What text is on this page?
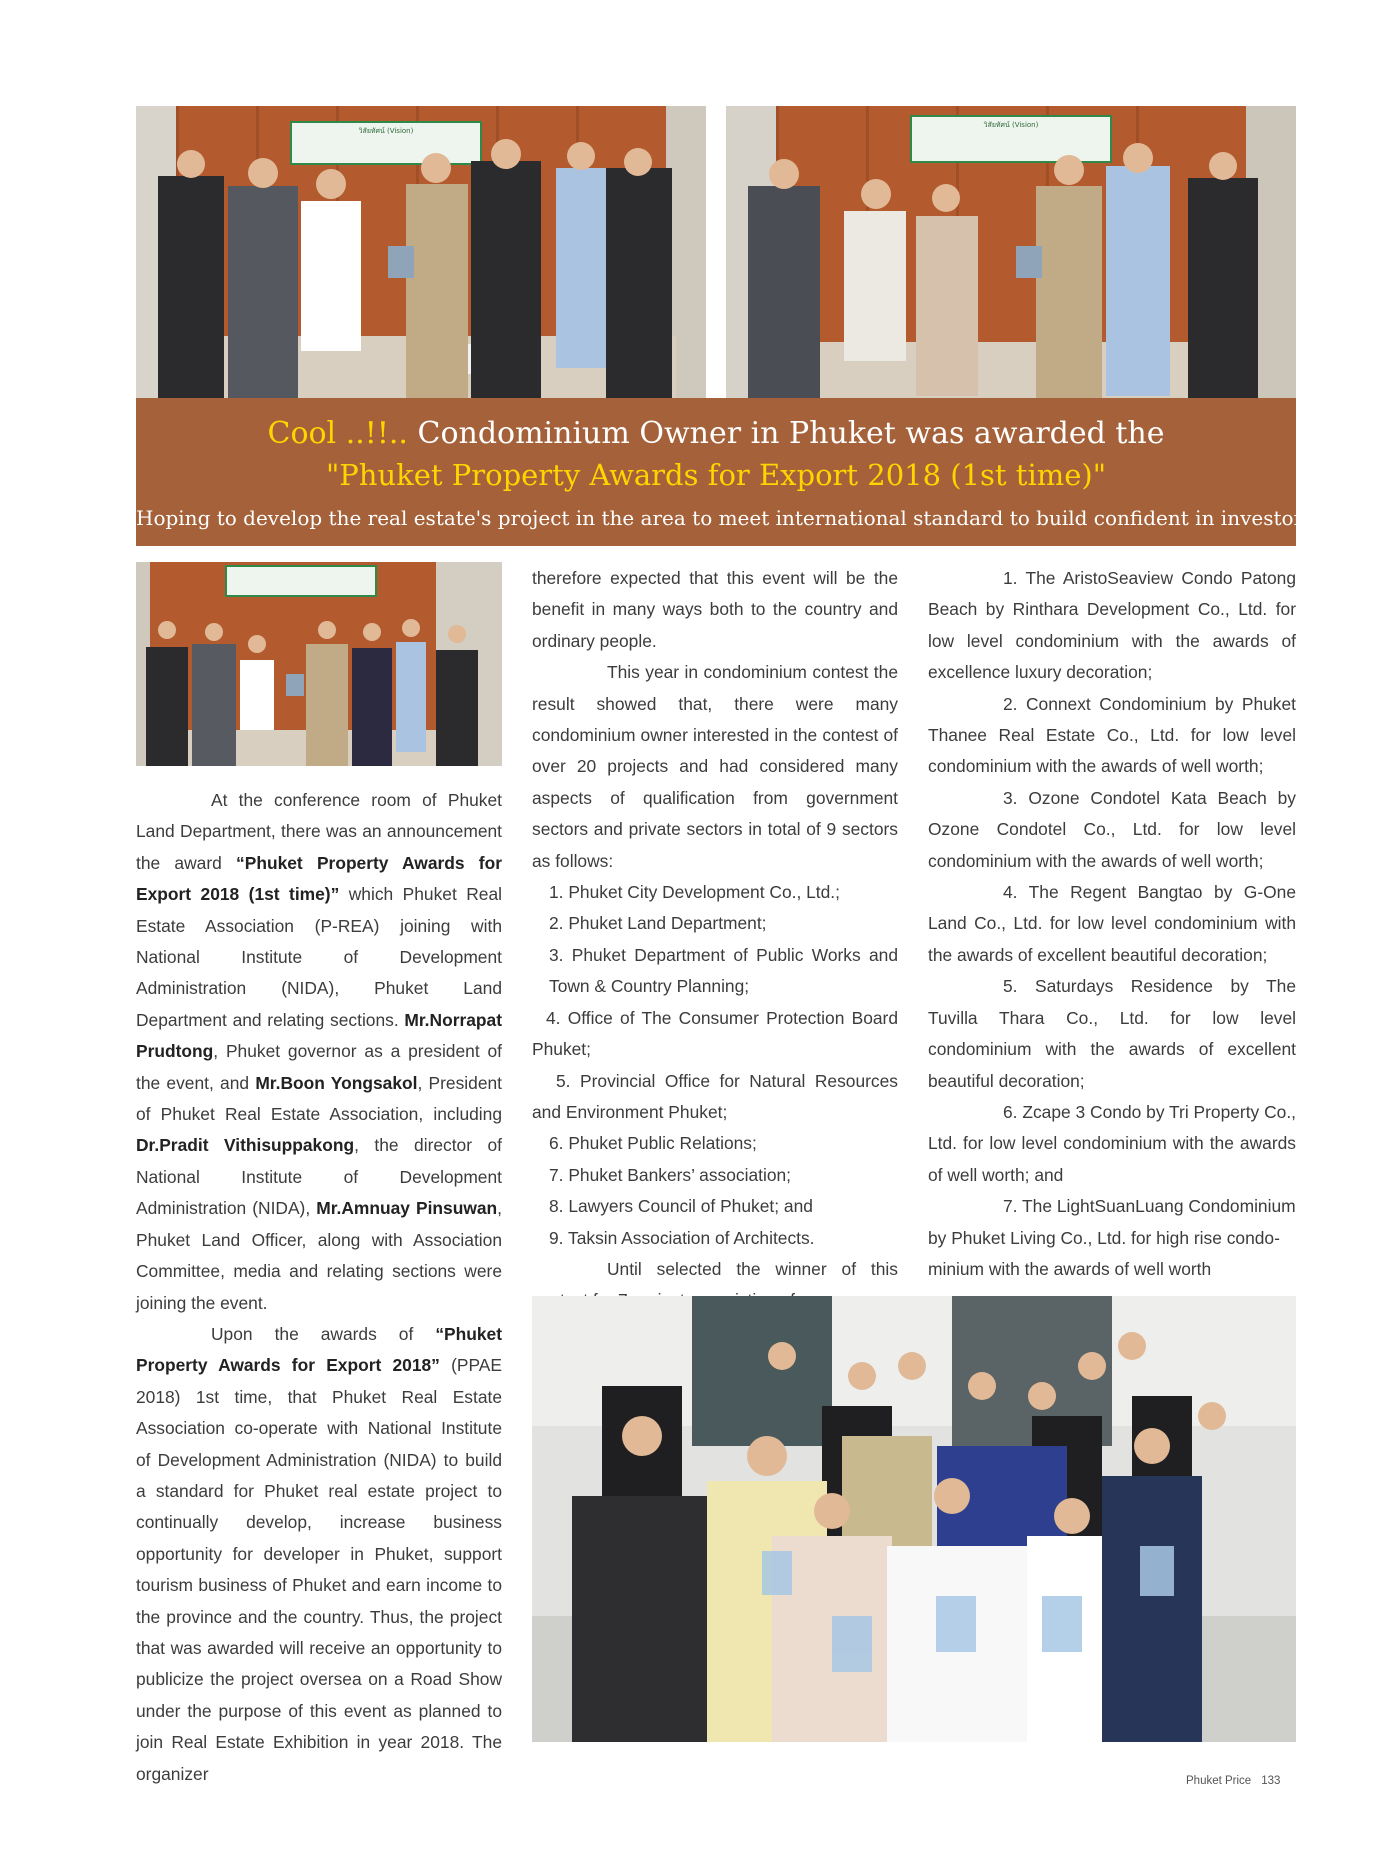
วิสัยทัศน์ (Vision)
วิสัยทัศน์ (Vision)
Cool ..!!.. Condominium Owner in Phuket was awarded the
"Phuket Property Awards for Export 2018 (1st time)"
Hoping to develop the real estate's project in the area to meet international standard to build confident in investors

At the conference room of Phuket Land Department, there was an announcement the award “Phuket Property Awards for Export 2018 (1st time)” which Phuket Real Estate Association (P-REA) joining with National Institute of Development Administration (NIDA), Phuket Land Department and relating sections. Mr.Norrapat Prudtong, Phuket governor as a president of the event, and Mr.Boon Yongsakol, President of Phuket Real Estate Association, including Dr.Pradit Vithisuppakong, the director of National Institute of Development Administration (NIDA), Mr.Amnuay Pinsuwan, Phuket Land Officer, along with Association Committee, media and relating sections were joining the event.

Upon the awards of “Phuket Property Awards for Export 2018” (PPAE 2018) 1st time, that Phuket Real Estate Association co-operate with National Institute of Development Administration (NIDA) to build a standard for Phuket real estate project to continually develop, increase business opportunity for developer in Phuket, support tourism business of Phuket and earn income to the province and the country. Thus, the project that was awarded will receive an opportunity to publicize the project oversea on a Road Show under the purpose of this event as planned to join Real Estate Exhibition in year 2018. The organizer

therefore expected that this event will be the benefit in many ways both to the country and ordinary people.

This year in condominium contest the result showed that, there were many condominium owner interested in the contest of over 20 projects and had considered many aspects of qualification from government sectors and private sectors in total of 9 sectors as follows:

1. Phuket City Development Co., Ltd.;

2. Phuket Land Department;

3. Phuket Department of Public Works and Town & Country Planning;

4. Office of The Consumer Protection Board Phuket;

5. Provincial Office for Natural Resources and Environment Phuket;

6. Phuket Public Relations;

7. Phuket Bankers’ association;

8. Lawyers Council of Phuket; and

9. Taksin Association of Architects.

Until selected the winner of this

1. The AristoSeaview Condo Patong Beach by Rinthara Development Co., Ltd. for low level condominium with the awards of excellence luxury decoration;

2. Connext Condominium by Phuket Thanee Real Estate Co., Ltd. for low level condominium with the awards of well worth;

3. Ozone Condotel Kata Beach by Ozone Condotel Co., Ltd. for low level condominium with the awards of well worth;

4. The Regent Bangtao by G-One Land Co., Ltd. for low level condominium with the awards of excellent beautiful decoration;

5. Saturdays Residence by The Tuvilla Thara Co., Ltd. for low level condominium with the awards of excellent beautiful decoration;

6. Zcape 3 Condo by Tri Property Co., Ltd. for low level condominium with the awards of well worth; and

7. The LightSuanLuang Condominium by Phuket Living Co., Ltd. for high rise condo-minium with the awards of well worth

Phuket Price 133
